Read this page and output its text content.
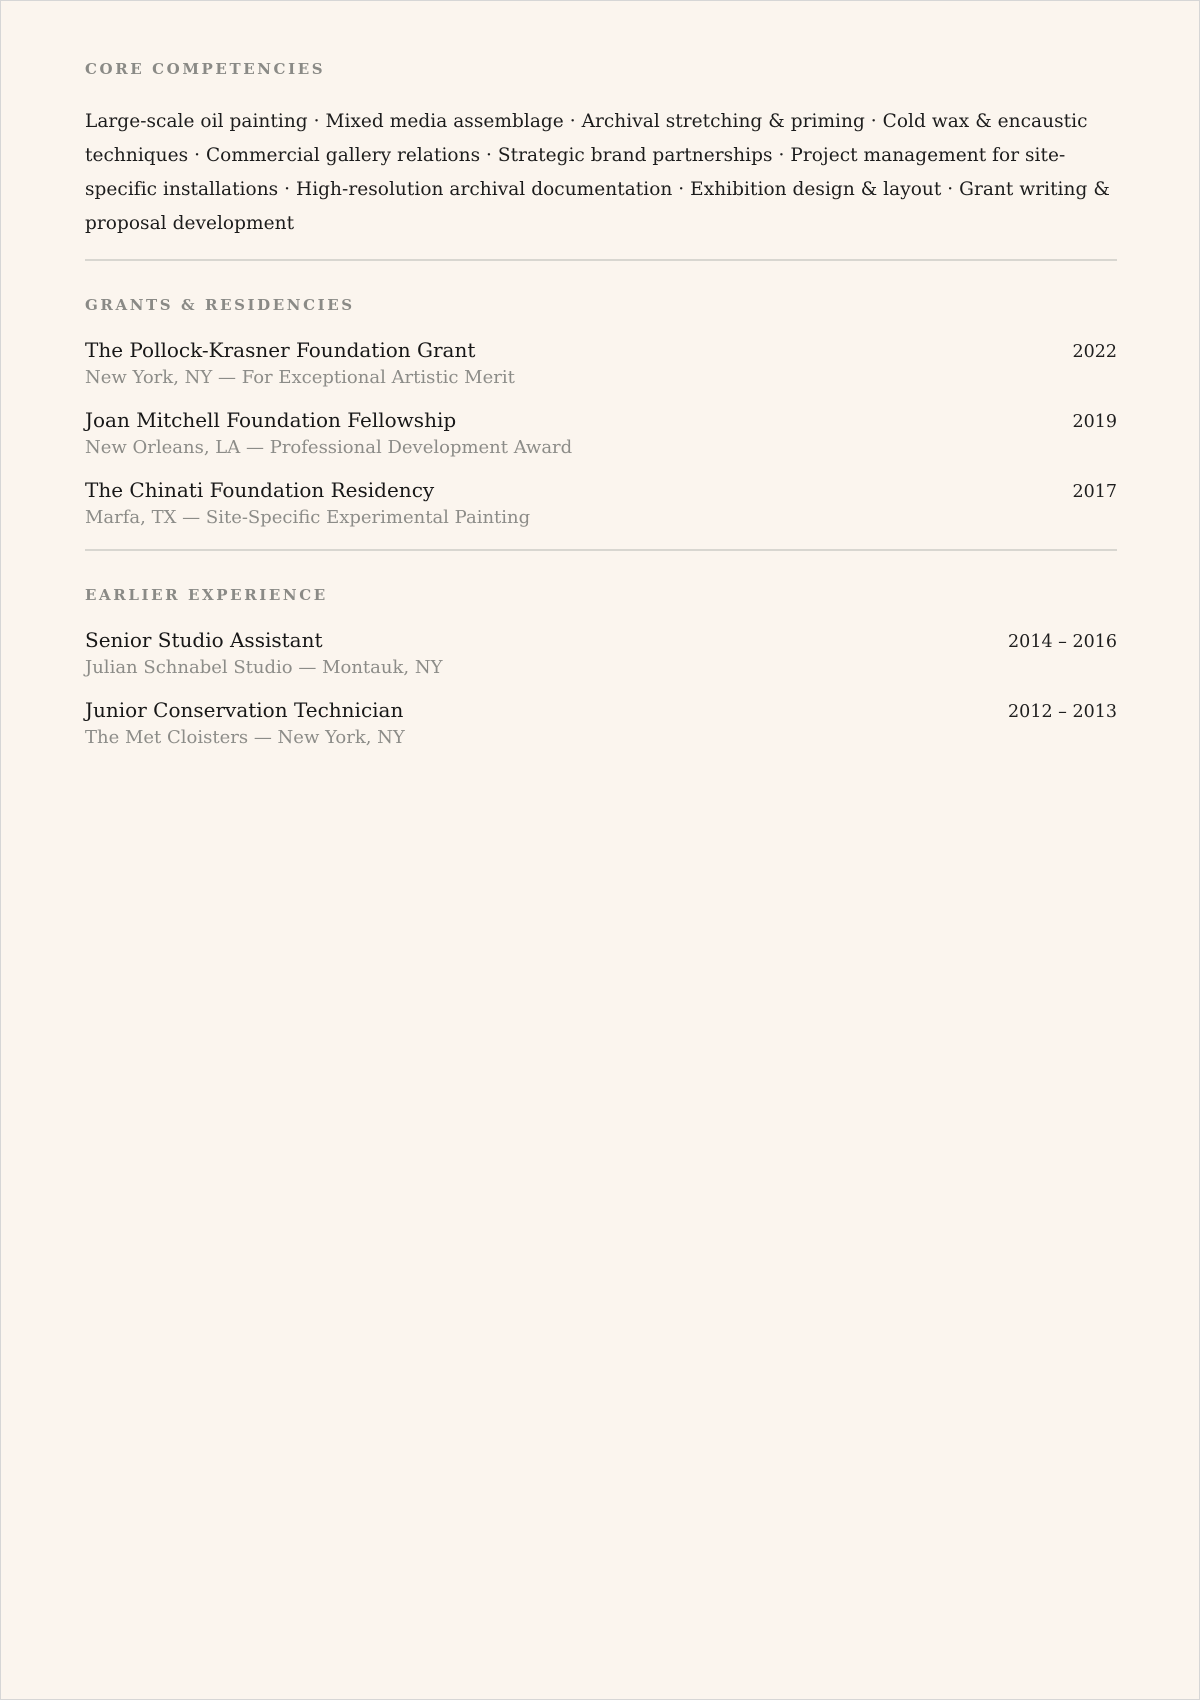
CORE COMPETENCIES

Large-scale oil painting · Mixed media assemblage · Archival stretching & priming · Cold wax & encaustic techniques · Commercial gallery relations · Strategic brand partnerships · Project management for site-specific installations · High-resolution archival documentation · Exhibition design & layout · Grant writing & proposal development

GRANTS & RESIDENCIES
The Pollock-Krasner Foundation Grant	2022
New York, NY — For Exceptional Artistic Merit
Joan Mitchell Foundation Fellowship	2019
New Orleans, LA — Professional Development Award
The Chinati Foundation Residency	2017
Marfa, TX — Site-Specific Experimental Painting
EARLIER EXPERIENCE
Senior Studio Assistant	2014 – 2016
Julian Schnabel Studio — Montauk, NY
Junior Conservation Technician	2012 – 2013
The Met Cloisters — New York, NY
